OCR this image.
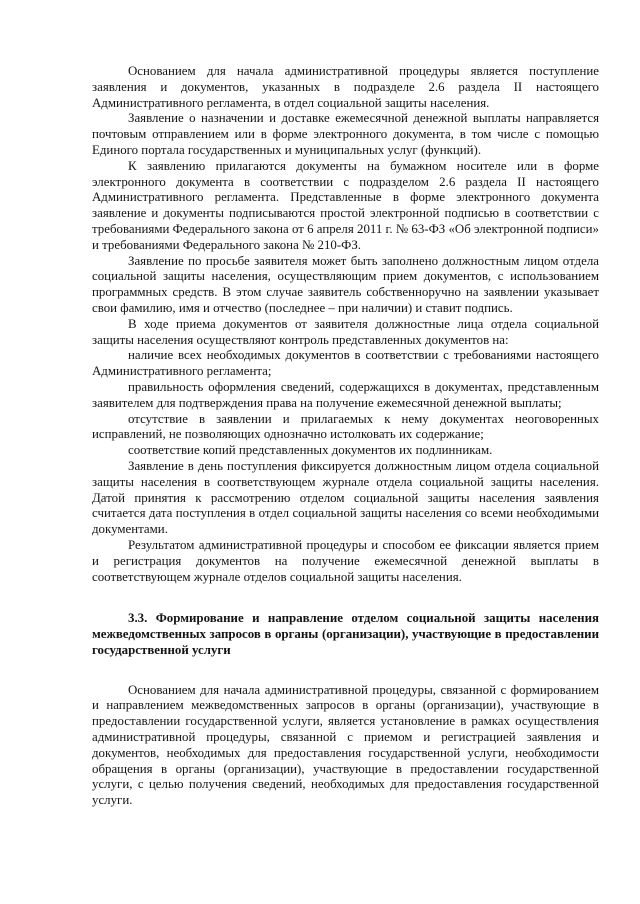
Основанием для начала административной процедуры является поступление заявления и документов, указанных в подразделе 2.6 раздела II настоящего Административного регламента, в отдел социальной защиты населения.

Заявление о назначении и доставке ежемесячной денежной выплаты направляется почтовым отправлением или в форме электронного документа, в том числе с помощью Единого портала государственных и муниципальных услуг (функций).

К заявлению прилагаются документы на бумажном носителе или в форме электронного документа в соответствии с подразделом 2.6 раздела II настоящего Административного регламента. Представленные в форме электронного документа заявление и документы подписываются простой электронной подписью в соответствии с требованиями Федерального закона от 6 апреля 2011 г. № 63-ФЗ «Об электронной подписи» и требованиями Федерального закона № 210-ФЗ.

Заявление по просьбе заявителя может быть заполнено должностным лицом отдела социальной защиты населения, осуществляющим прием документов, с использованием программных средств. В этом случае заявитель собственноручно на заявлении указывает свои фамилию, имя и отчество (последнее – при наличии) и ставит подпись.

В ходе приема документов от заявителя должностные лица отдела социальной защиты населения осуществляют контроль представленных документов на:

наличие всех необходимых документов в соответствии с требованиями настоящего Административного регламента;

правильность оформления сведений, содержащихся в документах, представленным заявителем для подтверждения права на получение ежемесячной денежной выплаты;

отсутствие в заявлении и прилагаемых к нему документах неоговоренных исправлений, не позволяющих однозначно истолковать их содержание;

соответствие копий представленных документов их подлинникам.

Заявление в день поступления фиксируется должностным лицом отдела социальной защиты населения в соответствующем журнале отдела социальной защиты населения. Датой принятия к рассмотрению отделом социальной защиты населения заявления считается дата поступления в отдел социальной защиты населения со всеми необходимыми документами.

Результатом административной процедуры и способом ее фиксации является прием и регистрация документов на получение ежемесячной денежной выплаты в соответствующем журнале отделов социальной защиты населения.

3.3. Формирование и направление отделом социальной защиты населения межведомственных запросов в органы (организации), участвующие в предоставлении государственной услуги

Основанием для начала административной процедуры, связанной с формированием и направлением межведомственных запросов в органы (организации), участвующие в предоставлении государственной услуги, является установление в рамках осуществления административной процедуры, связанной с приемом и регистрацией заявления и документов, необходимых для предоставления государственной услуги, необходимости обращения в органы (организации), участвующие в предоставлении государственной услуги, с целью получения сведений, необходимых для предоставления государственной услуги.
